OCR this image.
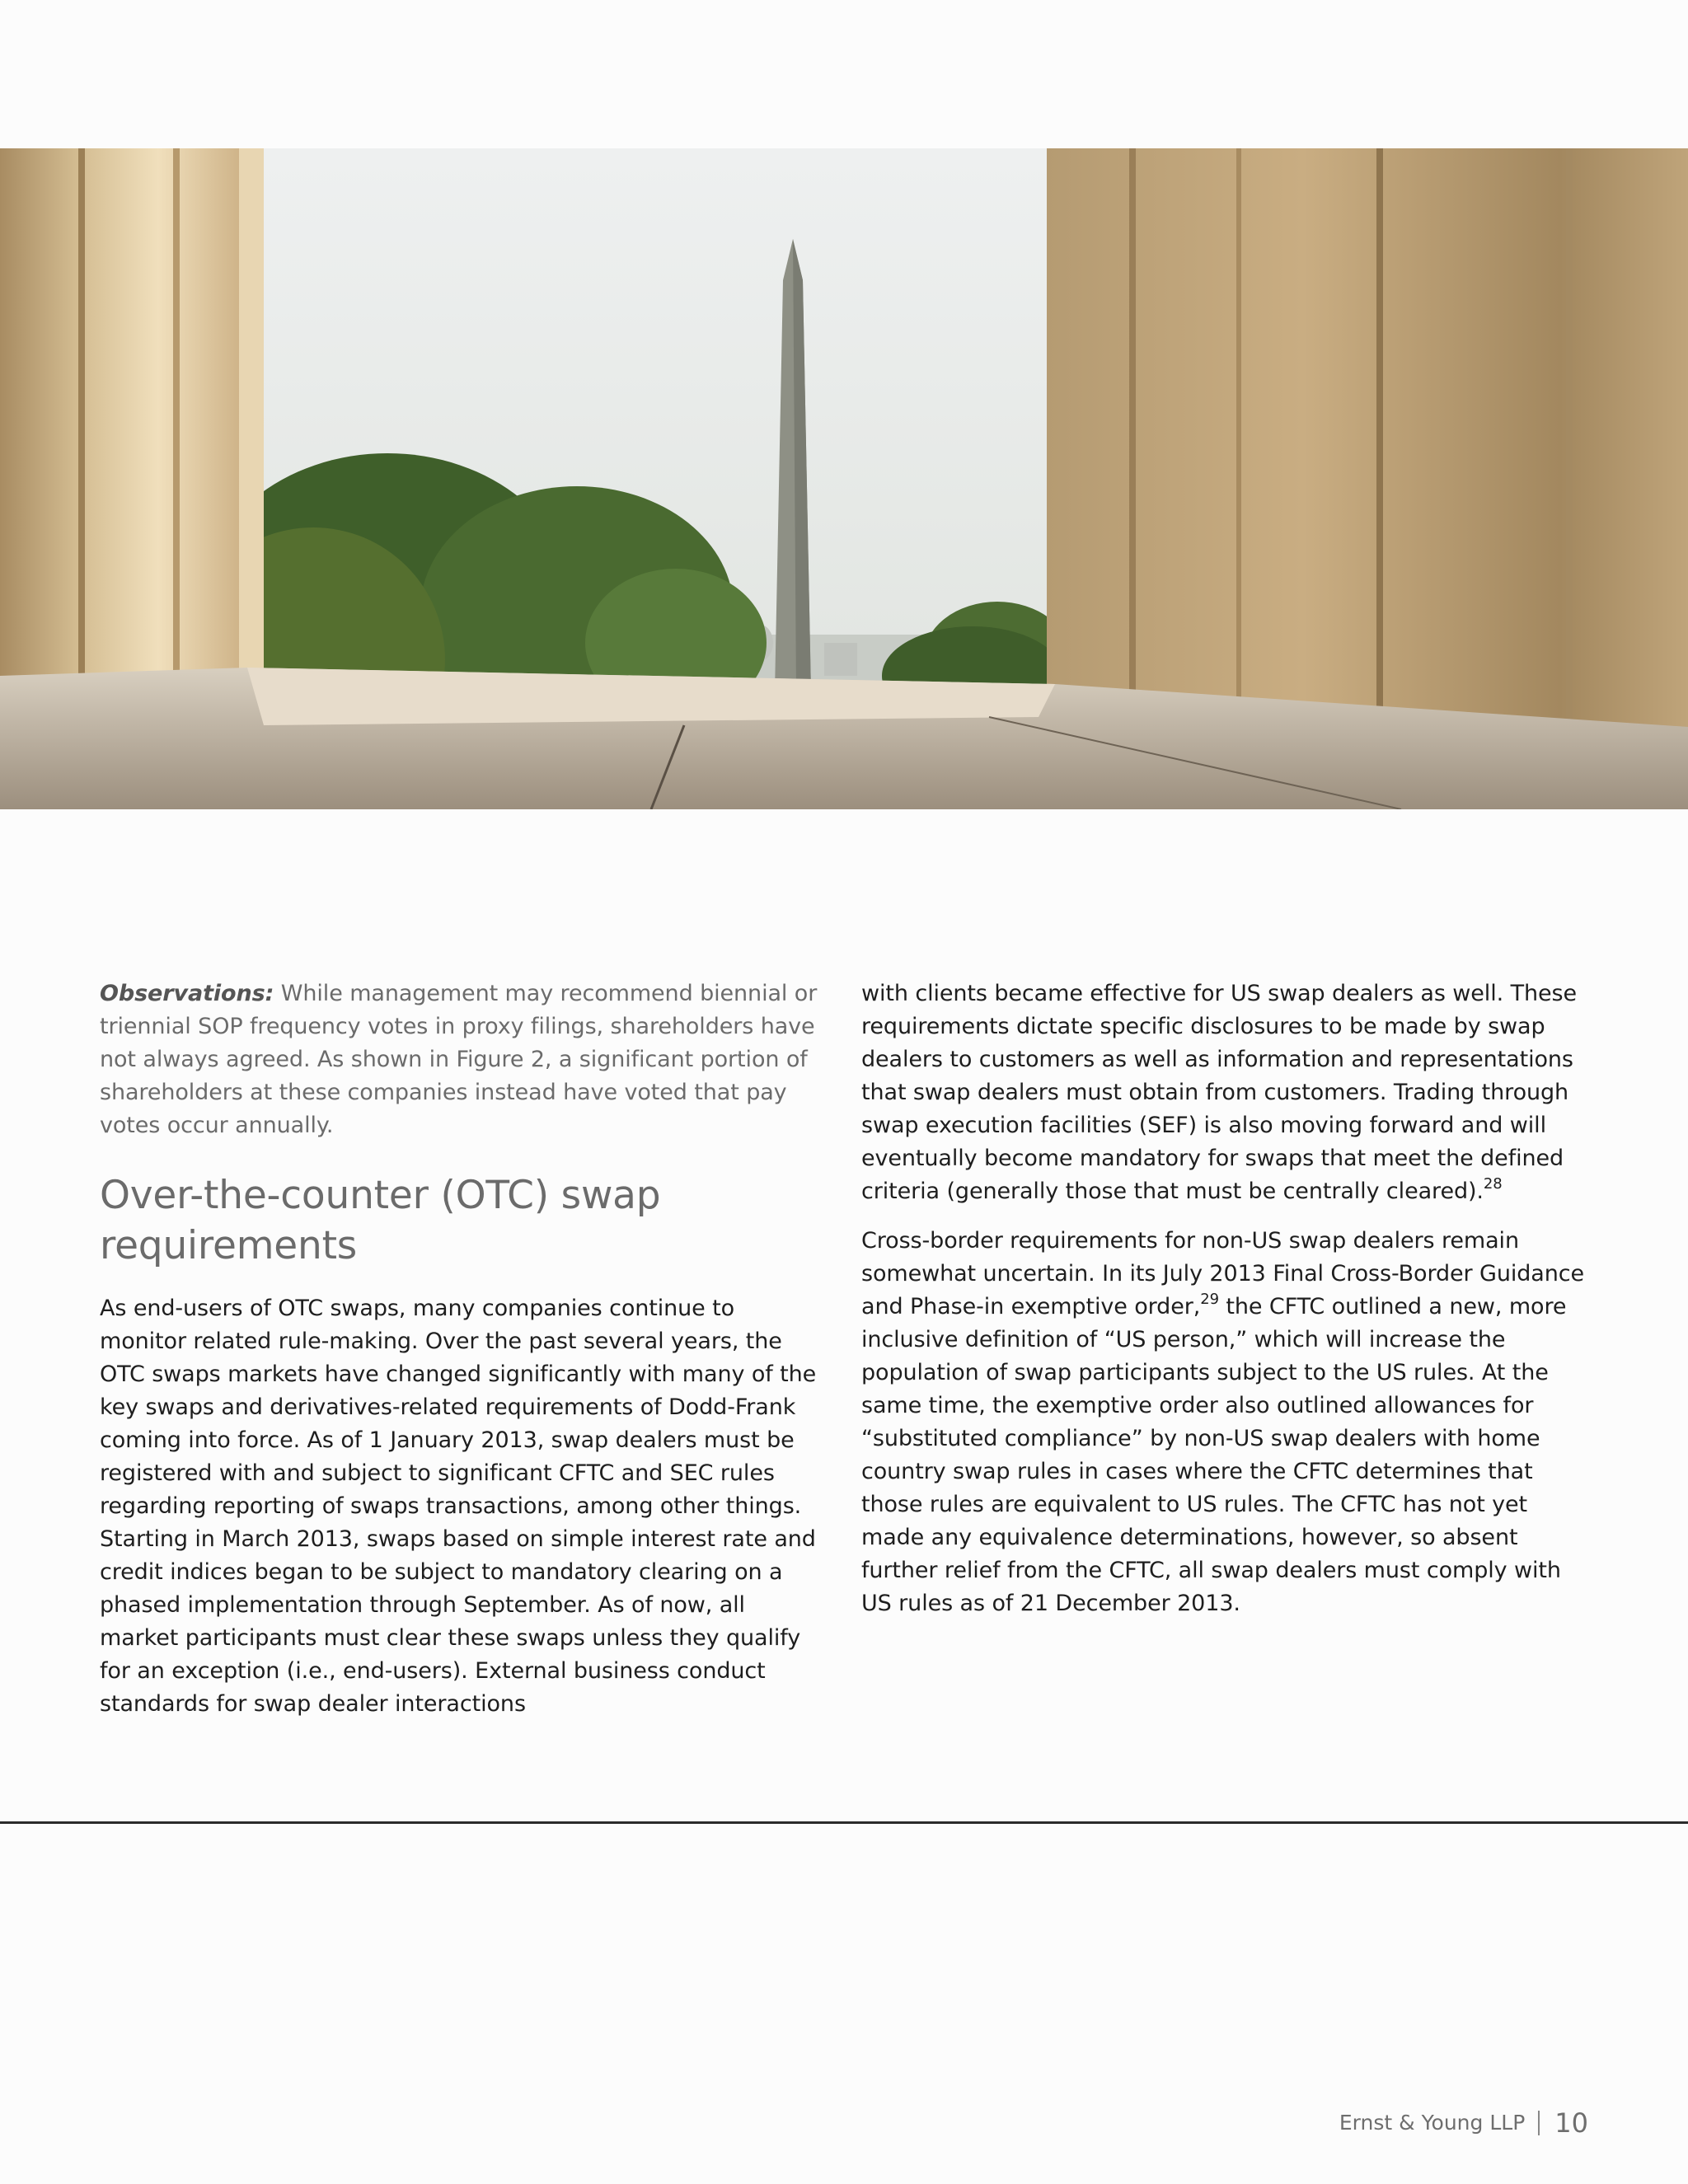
Observations: While management may recommend biennial or triennial SOP frequency votes in proxy filings, shareholders have not always agreed. As shown in Figure 2, a significant portion of shareholders at these companies instead have voted that pay votes occur annually.

Over-the-counter (OTC) swap requirements

As end-users of OTC swaps, many companies continue to monitor related rule-making. Over the past several years, the OTC swaps markets have changed significantly with many of the key swaps and derivatives-related requirements of Dodd-Frank coming into force. As of 1 January 2013, swap dealers must be registered with and subject to significant CFTC and SEC rules regarding reporting of swaps transactions, among other things. Starting in March 2013, swaps based on simple interest rate and credit indices began to be subject to mandatory clearing on a phased implementation through September. As of now, all market participants must clear these swaps unless they qualify for an exception (i.e., end-users). External business conduct standards for swap dealer interactions

with clients became effective for US swap dealers as well. These requirements dictate specific disclosures to be made by swap dealers to customers as well as information and representations that swap dealers must obtain from customers. Trading through swap execution facilities (SEF) is also moving forward and will eventually become mandatory for swaps that meet the defined criteria (generally those that must be centrally cleared).$^{28}$

Cross-border requirements for non-US swap dealers remain somewhat uncertain. In its July 2013 Final Cross-Border Guidance and Phase-in exemptive order,$^{29}$ the CFTC outlined a new, more inclusive definition of “US person,” which will increase the population of swap participants subject to the US rules. At the same time, the exemptive order also outlined allowances for “substituted compliance” by non-US swap dealers with home country swap rules in cases where the CFTC determines that those rules are equivalent to US rules. The CFTC has not yet made any equivalence determinations, however, so absent further relief from the CFTC, all swap dealers must comply with US rules as of 21 December 2013.

Ernst & Young LLP 10
